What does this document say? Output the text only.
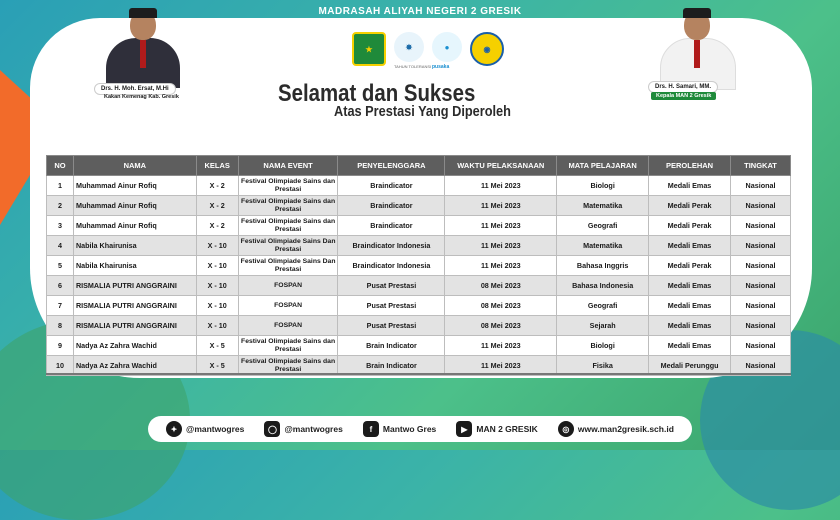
MADRASAH ALIYAH NEGERI 2 GRESIK
JL. RAYA METATU NO 7 BENJENG GRESIK
★	✸	●	◉
TAHUN TOLERANSI pusaka
Drs. H. Moh. Ersat, M.Hi
Kakan Kemenag Kab. Gresik
Drs. H. Samari, MM.
Kepala MAN 2 Gresik
Selamat dan Sukses
Atas Prestasi Yang Diperoleh
NO	NAMA	KELAS	NAMA EVENT	PENYELENGGARA	WAKTU PELAKSANAAN	MATA PELAJARAN	PEROLEHAN	TINGKAT
1	Muhammad Ainur Rofiq	X - 2	Festival Olimpiade Sains dan Prestasi	Braindicator	11 Mei 2023	Biologi	Medali Emas	Nasional
2	Muhammad Ainur Rofiq	X - 2	Festival Olimpiade Sains dan Prestasi	Braindicator	11 Mei 2023	Matematika	Medali Perak	Nasional
3	Muhammad Ainur Rofiq	X - 2	Festival Olimpiade Sains dan Prestasi	Braindicator	11 Mei 2023	Geografi	Medali Perak	Nasional
4	Nabila Khairunisa	X - 10	Festival Olimpiade Sains Dan Prestasi	Braindicator Indonesia	11 Mei 2023	Matematika	Medali Emas	Nasional
5	Nabila Khairunisa	X - 10	Festival Olimpiade Sains Dan Prestasi	Braindicator Indonesia	11 Mei 2023	Bahasa Inggris	Medali Perak	Nasional
6	RISMALIA PUTRI ANGGRAINI	X - 10	FOSPAN	Pusat Prestasi	08 Mei 2023	Bahasa Indonesia	Medali Emas	Nasional
7	RISMALIA PUTRI ANGGRAINI	X - 10	FOSPAN	Pusat Prestasi	08 Mei 2023	Geografi	Medali Emas	Nasional
8	RISMALIA PUTRI ANGGRAINI	X - 10	FOSPAN	Pusat Prestasi	08 Mei 2023	Sejarah	Medali Emas	Nasional
9	Nadya Az Zahra Wachid	X - 5	Festival Olimpiade Sains dan Prestasi	Brain Indicator	11 Mei 2023	Biologi	Medali Emas	Nasional
10	Nadya Az Zahra Wachid	X - 5	Festival Olimpiade Sains dan Prestasi	Brain Indicator	11 Mei 2023	Fisika	Medali Perunggu	Nasional
✦	@mantwogres	◯ @mantwogres	f	Mantwo Gres	▶	MAN 2 GRESIK	◎	www.man2gresik.sch.id
